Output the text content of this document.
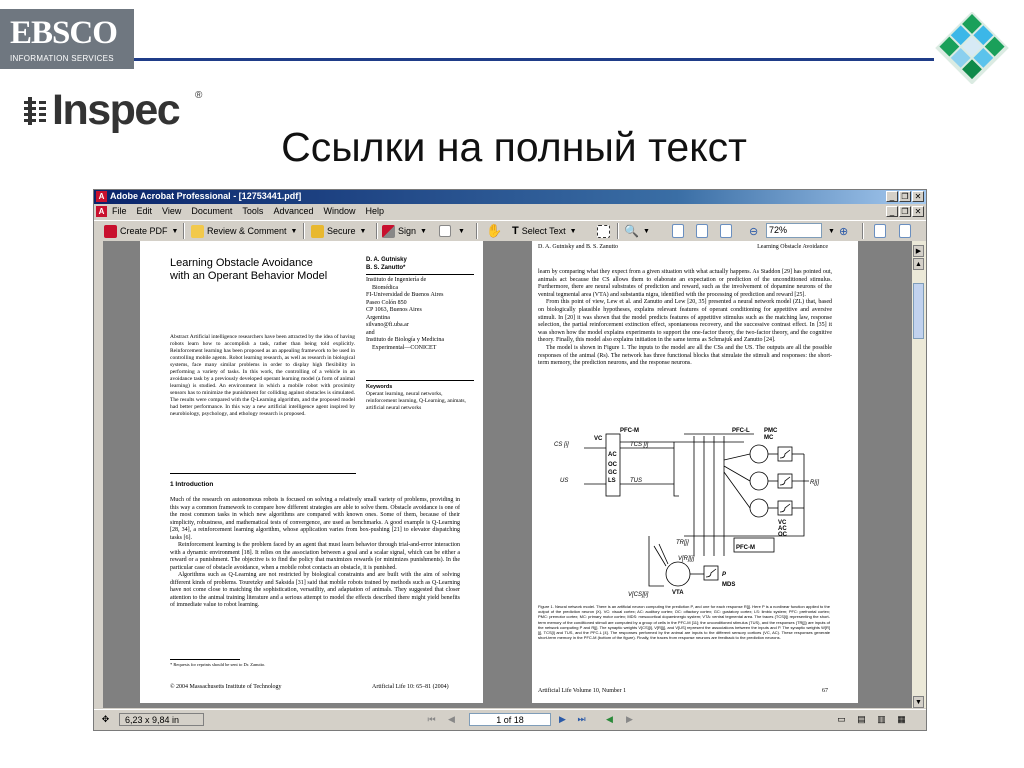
EBSCO
INFORMATION SERVICES
Inspec ®
Ссылки на полный текст
A Adobe Acrobat Professional - [12753441.pdf]	_ ❐ ✕
A File Edit View Document Tools Advanced Window Help	_ ❐ ✕
Create PDF ▼	Review & Comment ▼	Secure ▼	Sign ▼	▼ ✋ T Select Text ▼	🔍 ▼	⊖	72%	▼ ⊕
Learning Obstacle Avoidance
with an Operant Behavior Model
D. A. Gutnisky
B. S. Zanutto*
Instituto de Ingeniería de
Biomédica
FI-Universidad de Buenos Aires
Paseo Colón 850
CP 1063, Buenos Aires
Argentina
silvano@fi.uba.ar
and
Instituto de Biología y Medicina
Experimental—CONICET
Abstract Artificial intelligence researchers have been attracted by the idea of having robots learn how to accomplish a task, rather than being told explicitly. Reinforcement learning has been proposed as an appealing framework to be used in controlling mobile agents. Robot learning research, as well as research in biological systems, face many similar problems in order to display high flexibility in performing a variety of tasks. In this work, the controlling of a vehicle in an avoidance task by a previously developed operant learning model (a form of animal learning) is studied. An environment in which a mobile robot with proximity sensors has to minimize the punishment for colliding against obstacles is simulated. The results were compared with the Q-Learning algorithm, and the proposed model had better performance. In this way a new artificial intelligence agent inspired by neurobiology, psychology, and ethology research is proposed.
Keywords
Operant learning, neural networks, reinforcement learning, Q-Learning, animats, artificial neural networks
1 Introduction
Much of the research on autonomous robots is focused on solving a relatively small variety of problems, providing in this way a common framework to compare how different strategies are able to solve them. Obstacle avoidance is one of the most common tasks in which new algorithms are compared with known ones. Some of them, because of their simplicity, robustness, and mathematical tests of convergence, are used as benchmarks. A good example is Q-Learning [28, 34], a reinforcement learning algorithm, whose application varies from box-pushing [21] to elevator dispatching tasks [6].
Reinforcement learning is the problem faced by an agent that must learn behavior through trial-and-error interaction with a dynamic environment [18]. It relies on the association between a goal and a scalar signal, which can be either a reward or a punishment. The objective is to find the policy that maximizes rewards (or minimizes punishments). In the particular case of obstacle avoidance, when a mobile robot contacts an obstacle, it is punished.
Algorithms such as Q-Learning are not restricted by biological constraints and are built with the aim of solving different kinds of problems. Touretzky and Saksida [31] said that mobile robots trained by methods such as Q-Learning have not come close to matching the sophistication, versatility, and adaptation of animals. They suggested that closer attention to the animal training literature and a serious attempt to model the effects described there might yield benefits of immediate value to robot learning.
* Requests for reprints should be sent to Dr. Zanutto.
© 2004 Massachusetts Institute of Technology	Artificial Life 10: 65–81 (2004)
D. A. Gutnisky and B. S. Zanutto	Learning Obstacle Avoidance
learn by comparing what they expect from a given situation with what actually happens. As Staddon [29] has pointed out, animals act because the CS allows them to elaborate an expectation or prediction of the unconditioned stimulus. Furthermore, there are neural substrates of prediction and reward, such as the involvement of dopamine neurons of the ventral tegmental area (VTA) and substantia nigra, identified with the processing of prediction and reward [25].
From this point of view, Lew et al. and Zanutto and Lew [20, 35] presented a neural network model (ZL) that, based on biologically plausible hypotheses, explains relevant features of operant conditioning for appetitive and aversive stimuli. In [20] it was shown that the model predicts features of appetitive stimulus such as the matching law, response selection, the partial reinforcement extinction effect, spontaneous recovery, and the successive contrast effect. In [35] it was shown how the model explains experiments to support the one-factor theory, the two-factor theory, and the cognitive theory. Finally, this model also explains initiation in the same terms as Schmajuk and Zanutto [24].
The model is shown in Figure 1. The inputs to the model are all the CSs and the US. The outputs are all the possible responses of the animal (Rs). The network has three functional blocks that simulate the stimuli and responses: the short-term memory, the prediction neurons, and the response neurons.
PFC-M	PFC-L PMC
MC
VC
AC
OC
GC
LS
CS [i]
US
TCS [i]
TUS	R[j]
VTA
MDS
P
VC
AC
OC
PFC-M
TR[j]
V[R][j]
V[CS][i]
Figure 1. Neural network model. There is an artificial neuron computing the prediction P, and one for each response R[j]. Here P is a nonlinear function applied to the output of the prediction neuron (X). VC: visual cortex; AC: auditory cortex; OC: olfactory cortex; GC: gustatory cortex; LS: limbic system; PFC: prefrontal cortex; PMC: premotor cortex; MC: primary motor cortex; MDS: mesocortical dopaminergic system; VTA: ventral tegmental area. The traces (TCS[i]) representing the short-term memory of the conditioned stimuli are computed by a group of cells in the PFC-M [11]; the unconditioned stimulus (TUS), and the responses (TR[j]) are inputs of the network computing P and R[j]. The synaptic weights V[CS][i], V[R][j], and V[US] represent the associations between the inputs and P. The synaptic weights W[R][j], TCS[i] and TUS, and the PFC-L [4]. The responses performed by the animal are inputs to the different sensory cortices (VC, AC). These responses generate short-term memory in the PFC-M (bottom of the figure). Finally, the traces from response neurons are feedback to the prediction neurons.
Artificial Life Volume 10, Number 1	67
▶
▲
▼
✥	6,23 x 9,84 in	⏮ ◀	1 of 18	▶ ⏭ ◀ ▶	▭ ▤ ▥ ▦
